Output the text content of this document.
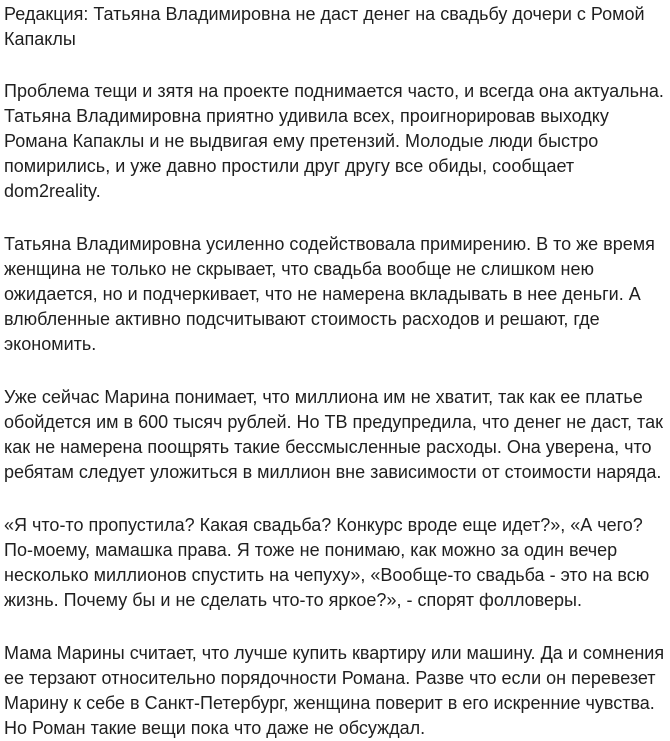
Редакция: Татьяна Владимировна не даст денег на свадьбу дочери с Ромой Капаклы

Проблема тещи и зятя на проекте поднимается часто, и всегда она актуальна. Татьяна Владимировна приятно удивила всех, проигнорировав выходку Романа Капаклы и не выдвигая ему претензий. Молодые люди быстро помирились, и уже давно простили друг другу все обиды, сообщает dom2reality.

Татьяна Владимировна усиленно содействовала примирению. В то же время женщина не только не скрывает, что свадьба вообще не слишком нею ожидается, но и подчеркивает, что не намерена вкладывать в нее деньги. А влюбленные активно подсчитывают стоимость расходов и решают, где экономить.

Уже сейчас Марина понимает, что миллиона им не хватит, так как ее платье обойдется им в 600 тысяч рублей. Но ТВ предупредила, что денег не даст, так как не намерена поощрять такие бессмысленные расходы. Она уверена, что ребятам следует уложиться в миллион вне зависимости от стоимости наряда.

«Я что-то пропустила? Какая свадьба? Конкурс вроде еще идет?», «А чего? По-моему, мамашка права. Я тоже не понимаю, как можно за один вечер несколько миллионов спустить на чепуху», «Вообще-то свадьба - это на всю жизнь. Почему бы и не сделать что-то яркое?», - спорят фолловеры.

Мама Марины считает, что лучше купить квартиру или машину. Да и сомнения ее терзают относительно порядочности Романа. Разве что если он перевезет Марину к себе в Санкт-Петербург, женщина поверит в его искренние чувства. Но Роман такие вещи пока что даже не обсуждал.
